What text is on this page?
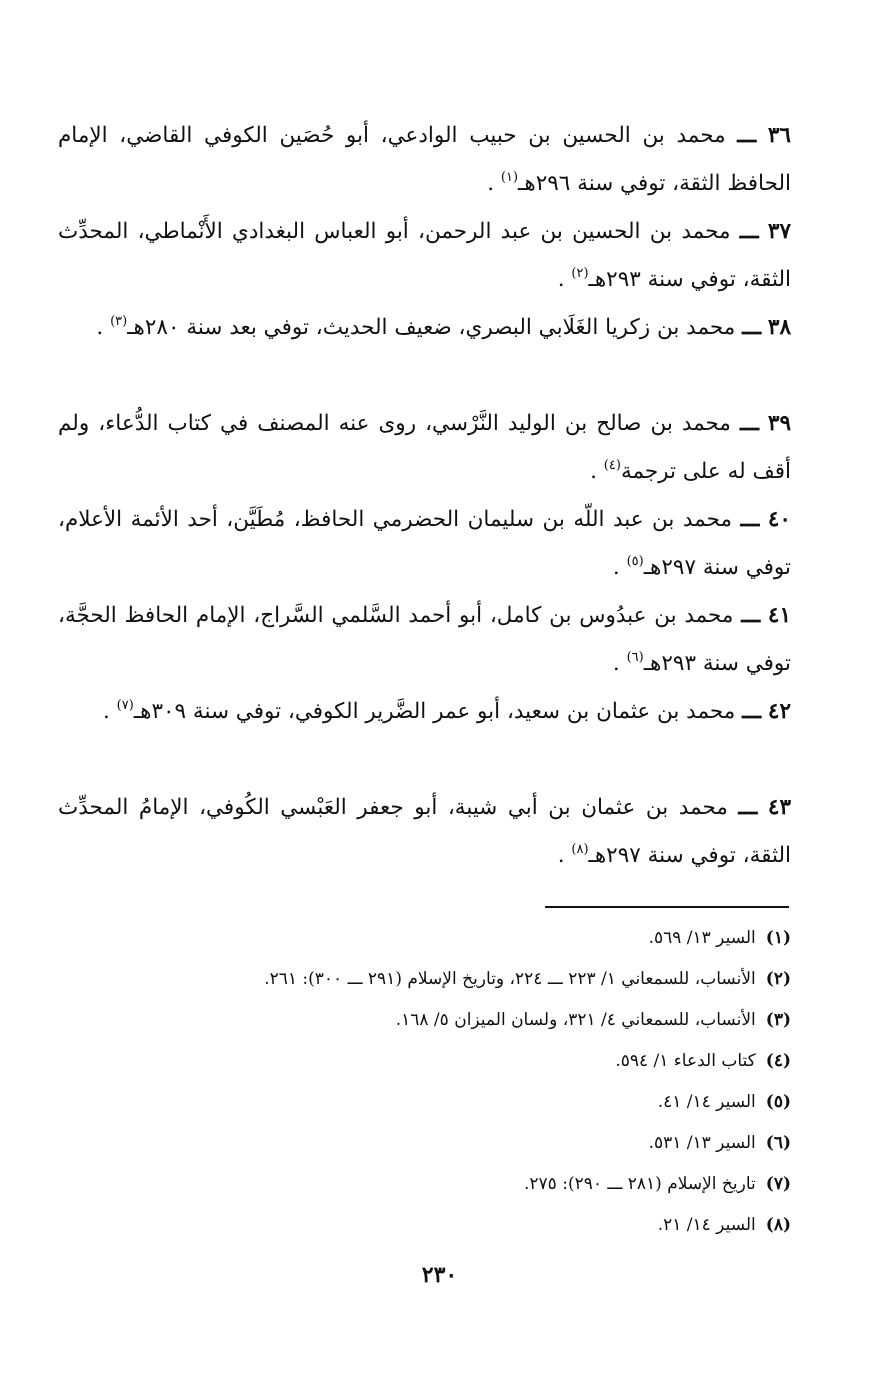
٣٦ ـــ محمد بن الحسين بن حبيب الوادعي، أبو حُصَين الكوفي القاضي، الإمام الحافظ الثقة، توفي سنة ٢٩٦هـ$^{(١)}$ .

٣٧ ـــ محمد بن الحسين بن عبد الرحمن، أبو العباس البغدادي الأَنْماطي، المحدِّث الثقة، توفي سنة ٢٩٣هـ$^{(٢)}$ .

٣٨ ـــ محمد بن زكريا الغَلَابي البصري، ضعيف الحديث، توفي بعد سنة ٢٨٠هـ$^{(٣)}$ .

٣٩ ـــ محمد بن صالح بن الوليد النَّرْسي، روى عنه المصنف في كتاب الدُّعاء، ولم أقف له على ترجمة$^{(٤)}$ .

٤٠ ـــ محمد بن عبد اللّه بن سليمان الحضرمي الحافظ، مُطَيَّن، أحد الأئمة الأعلام، توفي سنة ٢٩٧هـ$^{(٥)}$ .

٤١ ـــ محمد بن عبدُوس بن كامل، أبو أحمد السَّلمي السَّراج، الإمام الحافظ الحجَّة، توفي سنة ٢٩٣هـ$^{(٦)}$ .

٤٢ ـــ محمد بن عثمان بن سعيد، أبو عمر الضَّرير الكوفي، توفي سنة ٣٠٩هـ$^{(٧)}$ .

٤٣ ـــ محمد بن عثمان بن أبي شيبة، أبو جعفر العَبْسي الكُوفي، الإمامُ المحدِّث الثقة، توفي سنة ٢٩٧هـ$^{(٨)}$ .

(١)السير ١٣/ ٥٦٩.
(٢)الأنساب، للسمعاني ١/ ٢٢٣ ـــ ٢٢٤، وتاريخ الإسلام (٢٩١ ـــ ٣٠٠): ٢٦١.
(٣)الأنساب، للسمعاني ٤/ ٣٢١، ولسان الميزان ٥/ ١٦٨.
(٤)كتاب الدعاء ١/ ٥٩٤.
(٥)السير ١٤/ ٤١.
(٦)السير ١٣/ ٥٣١.
(٧)تاريخ الإسلام (٢٨١ ـــ ٢٩٠): ٢٧٥.
(٨)السير ١٤/ ٢١.
٢٣٠
